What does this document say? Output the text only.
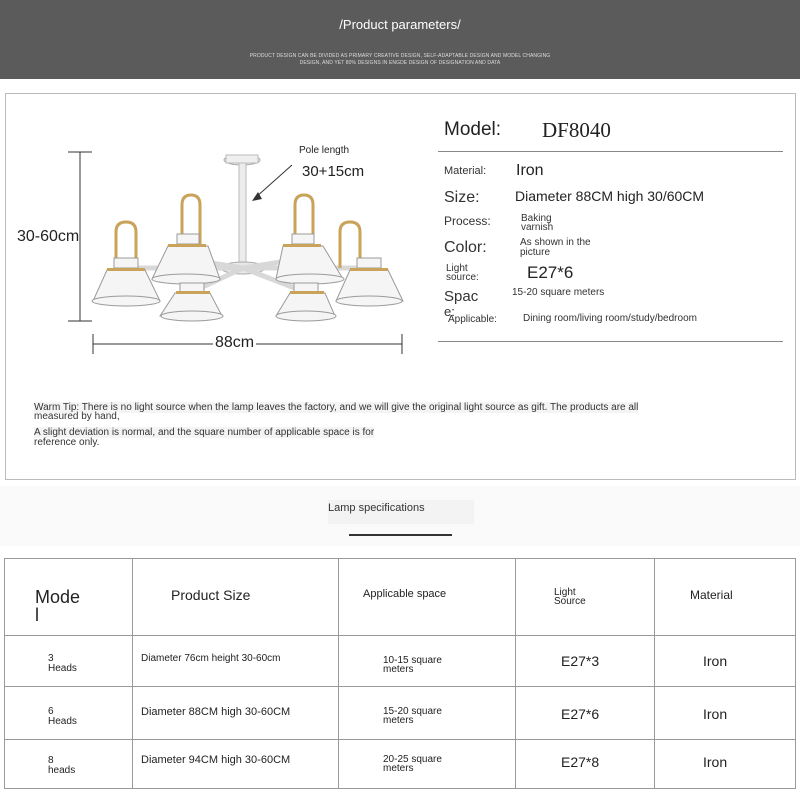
/Product parameters/
PRODUCT DESIGN CAN BE DIVIDED AS PRIMARY CREATIVE DESIGN, SELF-ADAPTABLE DESIGN AND MODEL CHANGING DESIGN, AND YET 80% DESIGNS IN ENGDE DESIGN OF DESIGNATION AND DATA
Pole length
30+15cm
30-60cm
88cm
Model: DF8040
Material: Iron
Size:	Diameter 88CM high 30/60CM
Process:	Baking
varnish
Color:	As shown in the
picture
Light
source:	E27*6
Spac
e:
15-20 square meters
Applicable:	Dining room/living room/study/bedroom
Warm Tip: There is no light source when the lamp leaves the factory, and we will give the original light source as gift. The products are all
measured by hand,
A slight deviation is normal, and the square number of applicable space is for
reference only.
Lamp specifications
Mode
l	Product Size	Applicable space	Light
Source	Material

3
Heads	Diameter 76cm height 30-60cm	10-15 square
meters	E27*3	Iron

6
Heads	Diameter 88CM high 30-60CM	15-20 square
meters	E27*6	Iron

8
heads	Diameter 94CM high 30-60CM	20-25 square
meters	E27*8	Iron
